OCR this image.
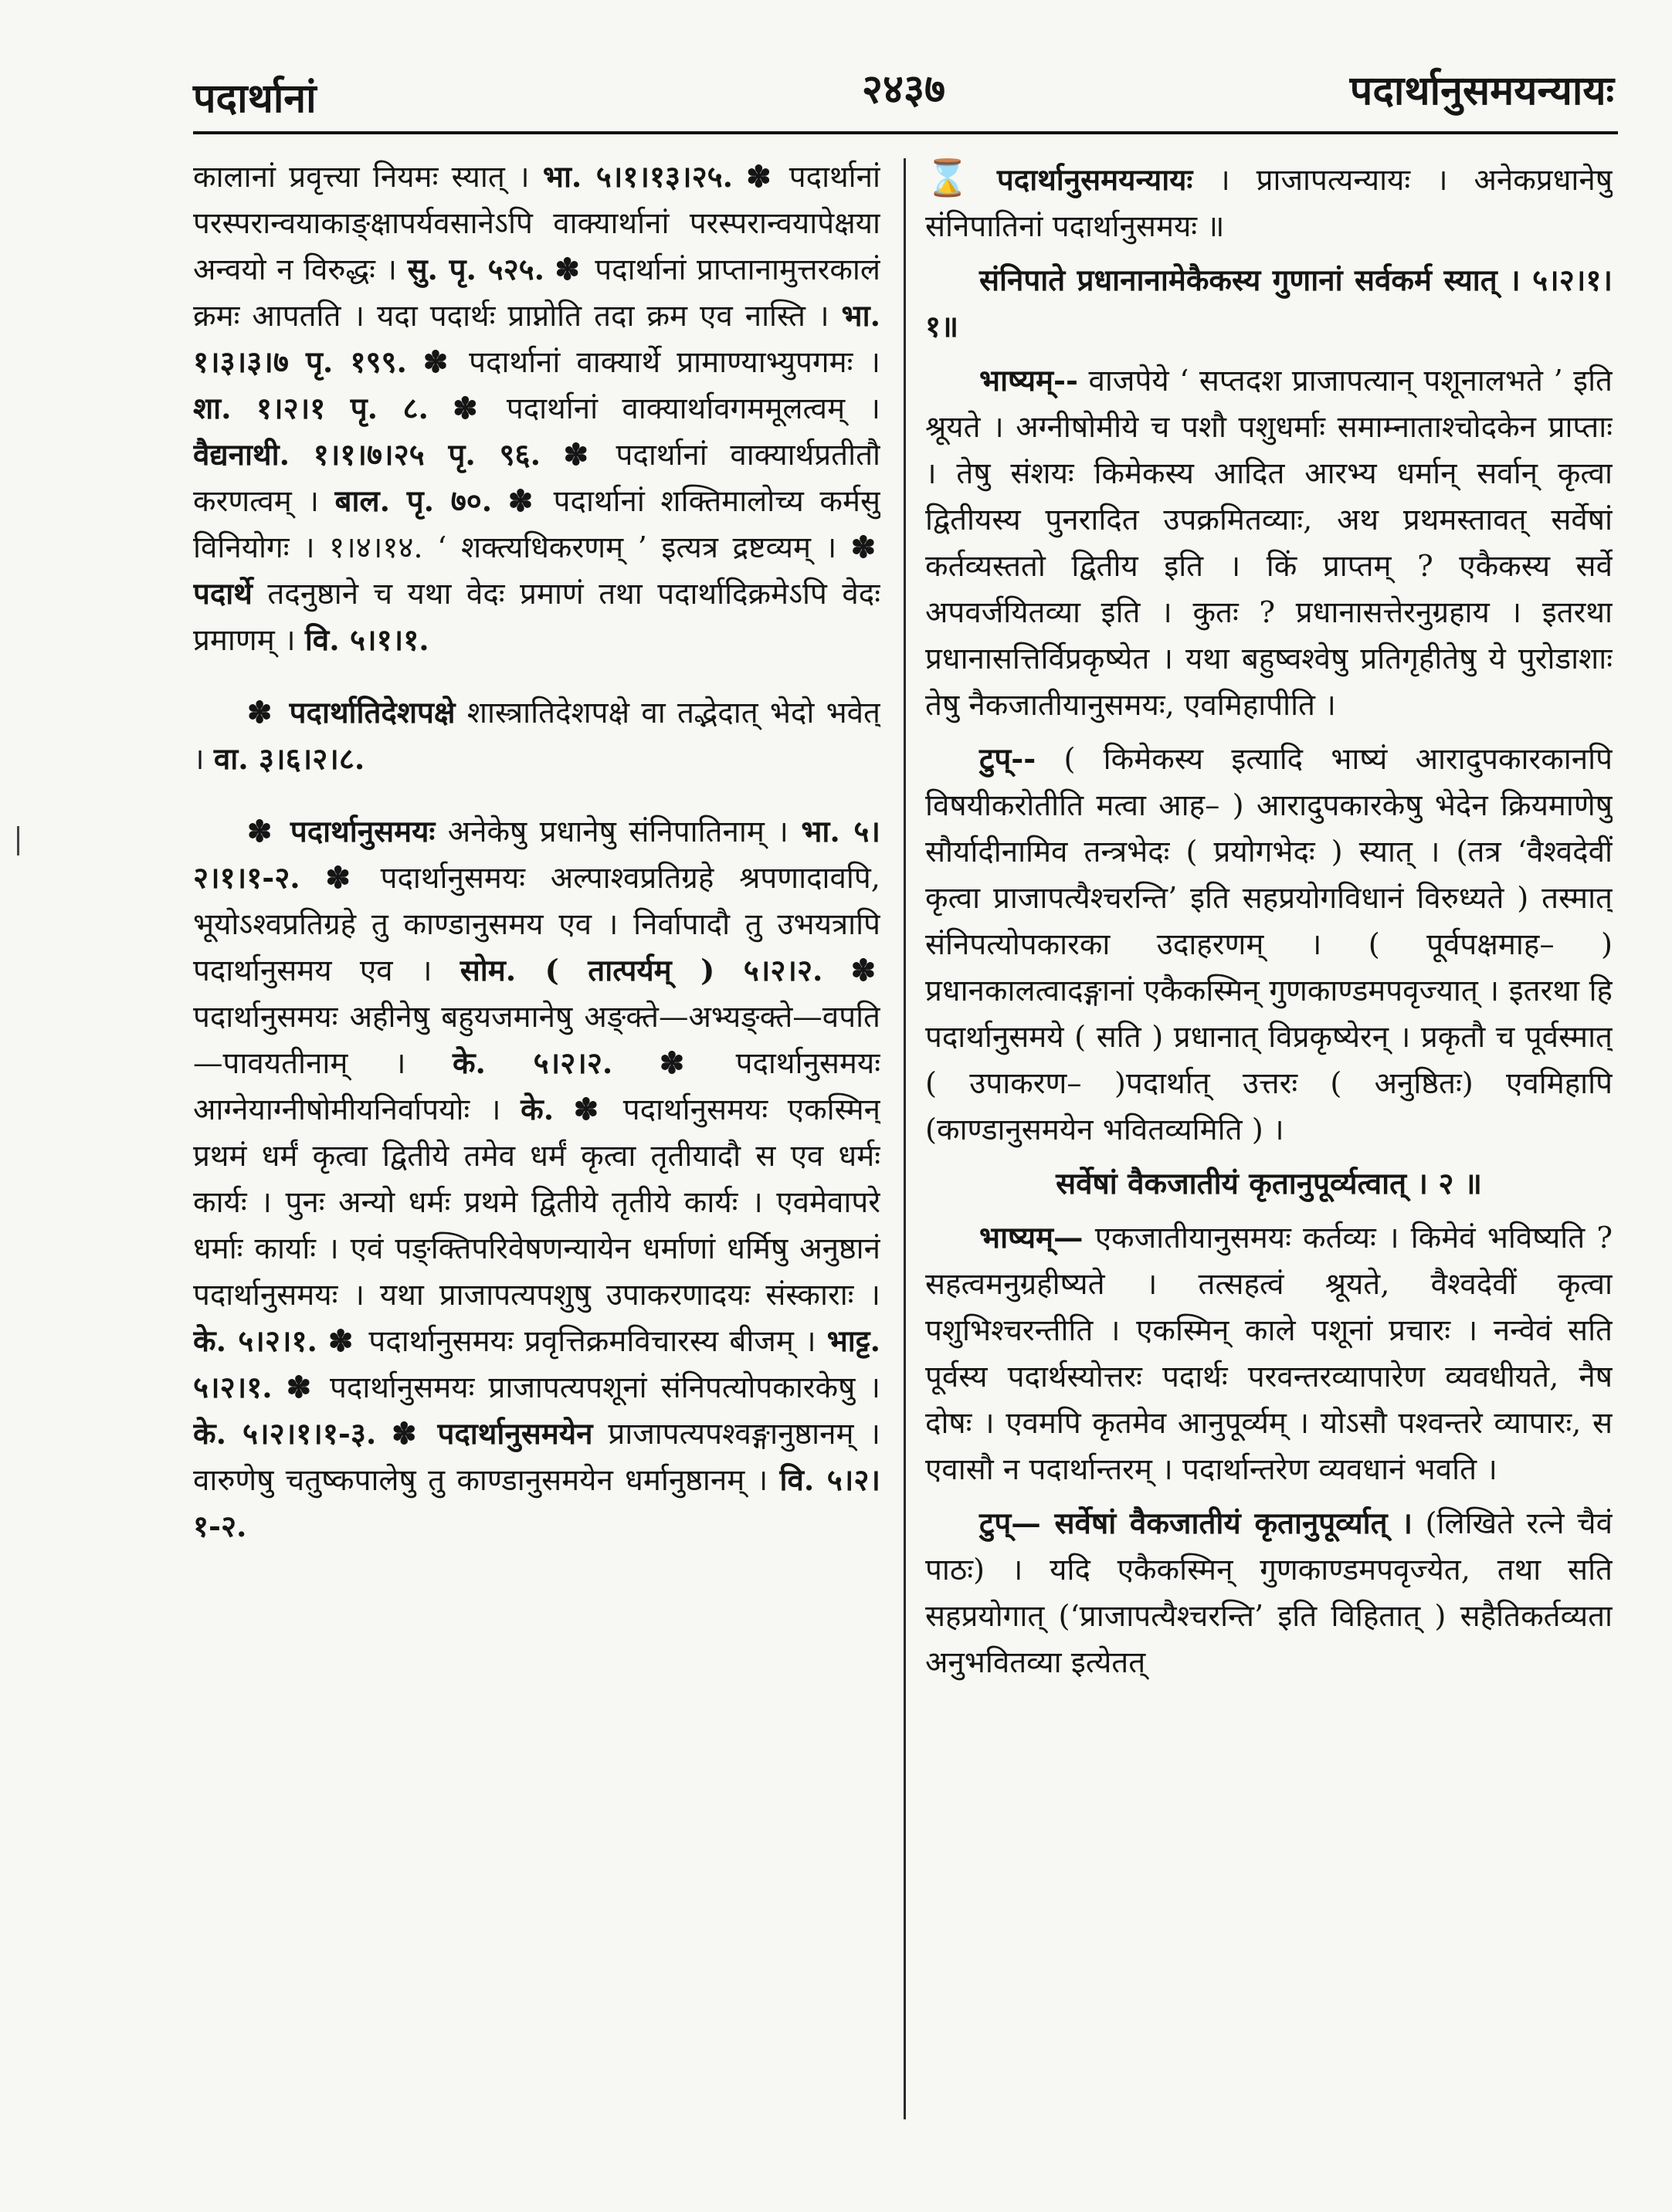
पदार्थानां	२४३७	पदार्थानुसमयन्यायः

कालानां प्रवृत्त्या नियमः स्यात् । भा. ५।१।१३।२५. ✽ पदार्थानां परस्परान्वयाकाङ्क्षापर्यवसानेऽपि वाक्यार्थानां परस्परान्वयापेक्षया अन्वयो न विरुद्धः । सु. पृ. ५२५. ✽ पदार्थानां प्राप्तानामुत्तरकालं क्रमः आपतति । यदा पदार्थः प्राप्नोति तदा क्रम एव नास्ति । भा. १।३।३।७ पृ. १९९. ✽ पदार्थानां वाक्यार्थे प्रामाण्याभ्युपगमः । शा. १।२।१ पृ. ८. ✽ पदार्थानां वाक्यार्थावगममूलत्वम् । वैद्यनाथी. १।१।७।२५ पृ. ९६. ✽ पदार्थानां वाक्यार्थप्रतीतौ करणत्वम् । बाल. पृ. ७०. ✽ पदार्थानां शक्तिमालोच्य कर्मसु विनियोगः । १।४।१४. ‘ शक्त्यधिकरणम् ’ इत्यत्र द्रष्टव्यम् । ✽ पदार्थे तदनुष्ठाने च यथा वेदः प्रमाणं तथा पदार्थादिक्रमेऽपि वेदः प्रमाणम् । वि. ५।१।१.

✽ पदार्थातिदेशपक्षे शास्त्रातिदेशपक्षे वा तद्भेदात् भेदो भवेत् । वा. ३।६।२।८.

✽ पदार्थानुसमयः अनेकेषु प्रधानेषु संनिपातिनाम् । भा. ५।२।१।१-२. ✽ पदार्थानुसमयः अल्पाश्वप्रतिग्रहे श्रपणादावपि, भूयोऽश्वप्रतिग्रहे तु काण्डानुसमय एव । निर्वापादौ तु उभयत्रापि पदार्थानुसमय एव । सोम. ( तात्पर्यम् ) ५।२।२. ✽ पदार्थानुसमयः अहीनेषु बहुयजमानेषु अङ्क्ते—अभ्यङ्क्ते—वपति—पावयतीनाम् । के. ५।२।२. ✽ पदार्थानुसमयः आग्नेयाग्नीषोमीयनिर्वापयोः । के. ✽ पदार्थानुसमयः एकस्मिन् प्रथमं धर्मं कृत्वा द्वितीये तमेव धर्मं कृत्वा तृतीयादौ स एव धर्मः कार्यः । पुनः अन्यो धर्मः प्रथमे द्वितीये तृतीये कार्यः । एवमेवापरे धर्माः कार्याः । एवं पङ्क्तिपरिवेषणन्यायेन धर्माणां धर्मिषु अनुष्ठानं पदार्थानुसमयः । यथा प्राजापत्यपशुषु उपाकरणादयः संस्काराः । के. ५।२।१. ✽ पदार्थानुसमयः प्रवृत्तिक्रमविचारस्य बीजम् । भाट्ट. ५।२।१. ✽ पदार्थानुसमयः प्राजापत्यपशूनां संनिपत्योपकारकेषु । के. ५।२।१।१-३. ✽ पदार्थानुसमयेन प्राजापत्यपश्वङ्गानुष्ठानम् । वारुणेषु चतुष्कपालेषु तु काण्डानुसमयेन धर्मानुष्ठानम् । वि. ५।२।१-२.

⌛ पदार्थानुसमयन्यायः । प्राजापत्यन्यायः । अनेकप्रधानेषु संनिपातिनां पदार्थानुसमयः ॥

संनिपाते प्रधानानामेकैकस्य गुणानां सर्वकर्म स्यात् । ५।२।१।१॥

भाष्यम्-- वाजपेये ‘ सप्तदश प्राजापत्यान् पशूनालभते ’ इति श्रूयते । अग्नीषोमीये च पशौ पशुधर्माः समाम्नाताश्चोदकेन प्राप्ताः । तेषु संशयः किमेकस्य आदित आरभ्य धर्मान् सर्वान् कृत्वा द्वितीयस्य पुनरादित उपक्रमितव्याः, अथ प्रथमस्तावत् सर्वेषां कर्तव्यस्ततो द्वितीय इति । किं प्राप्तम् ? एकैकस्य सर्वे अपवर्जयितव्या इति । कुतः ? प्रधानासत्तेरनुग्रहाय । इतरथा प्रधानासत्तिर्विप्रकृष्येत । यथा बहुष्वश्वेषु प्रतिगृहीतेषु ये पुरोडाशाः तेषु नैकजातीयानुसमयः, एवमिहापीति ।

टुप्-- ( किमेकस्य इत्यादि भाष्यं आरादुपकारकानपि विषयीकरोतीति मत्वा आह– ) आरादुपकारकेषु भेदेन क्रियमाणेषु सौर्यादीनामिव तन्त्रभेदः ( प्रयोगभेदः ) स्यात् । (तत्र ‘वैश्वदेवीं कृत्वा प्राजापत्यैश्चरन्ति’ इति सहप्रयोगविधानं विरुध्यते ) तस्मात् संनिपत्योपकारका उदाहरणम् । ( पूर्वपक्षमाह– ) प्रधानकालत्वादङ्गानां एकैकस्मिन् गुणकाण्डमपवृज्यात् । इतरथा हि पदार्थानुसमये ( सति ) प्रधानात् विप्रकृष्येरन् । प्रकृतौ च पूर्वस्मात् ( उपाकरण– )पदार्थात् उत्तरः ( अनुष्ठितः) एवमिहापि (काण्डानुसमयेन भवितव्यमिति ) ।

सर्वेषां वैकजातीयं कृतानुपूर्व्यत्वात् । २ ॥

भाष्यम्— एकजातीयानुसमयः कर्तव्यः । किमेवं भविष्यति ? सहत्वमनुग्रहीष्यते । तत्सहत्वं श्रूयते, वैश्वदेवीं कृत्वा पशुभिश्चरन्तीति । एकस्मिन् काले पशूनां प्रचारः । नन्वेवं सति पूर्वस्य पदार्थस्योत्तरः पदार्थः परवन्तरव्यापारेण व्यवधीयते, नैष दोषः । एवमपि कृतमेव आनुपूर्व्यम् । योऽसौ पश्वन्तरे व्यापारः, स एवासौ न पदार्थान्तरम् । पदार्थान्तरेण व्यवधानं भवति ।

टुप्— सर्वेषां वैकजातीयं कृतानुपूर्व्यात् । (लिखिते रत्ने चैवं पाठः) । यदि एकैकस्मिन् गुणकाण्डमपवृज्येत, तथा सति सहप्रयोगात् (‘प्राजापत्यैश्चरन्ति’ इति विहितात् ) सहैतिकर्तव्यता अनुभवितव्या इत्येतत्
